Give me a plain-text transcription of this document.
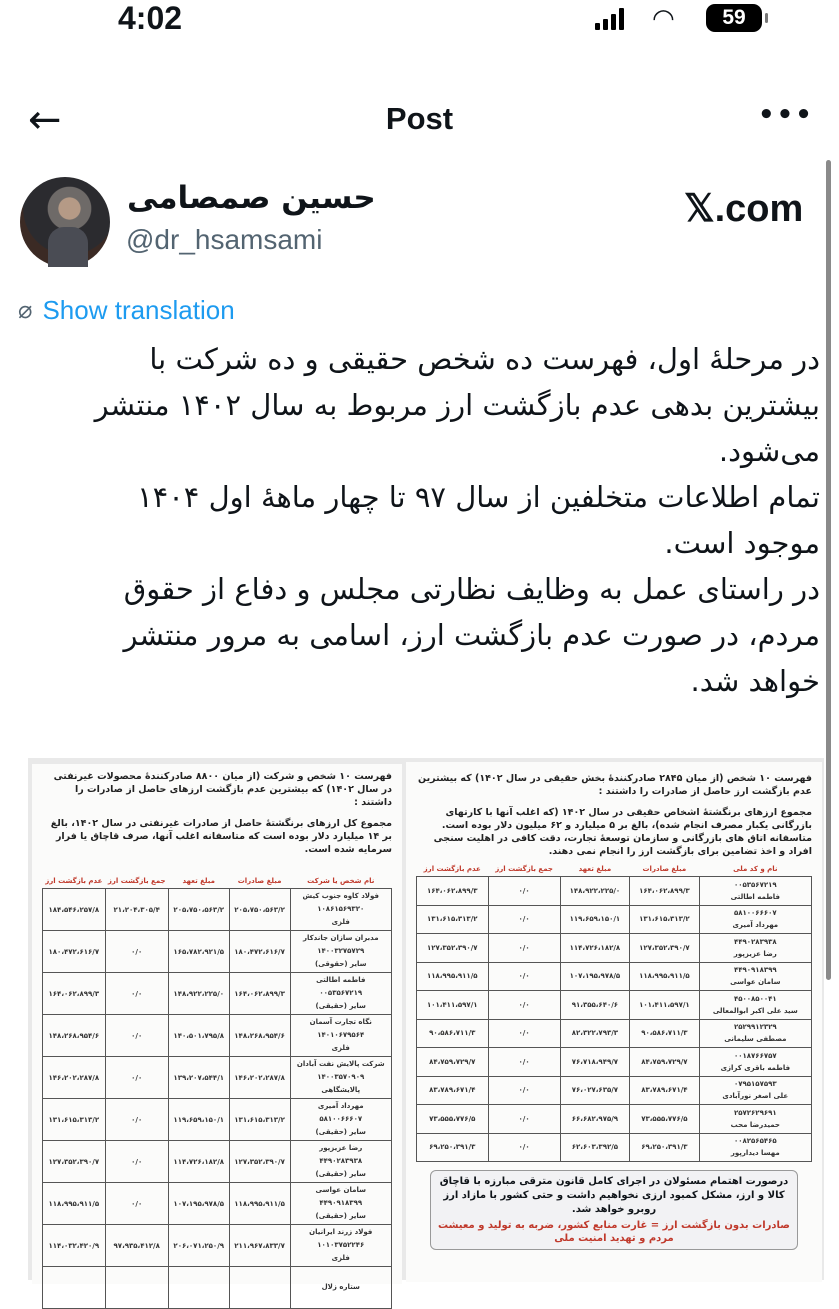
4:02	◠	59
←	Post	•••
حسین صمصامی
@dr_hsamsami
𝕏.com
⌀ Show translation
در مرحلهٔ اول، فهرست ده شخص حقیقی و ده شرکت با
بیشترین بدهی عدم بازگشت ارز مربوط به سال ۱۴۰۲ منتشر
می‌شود.
تمام اطلاعات متخلفین از سال ۹۷ تا چهار ماههٔ اول ۱۴۰۴
موجود است.
در راستای عمل به وظایف نظارتی مجلس و دفاع از حقوق
مردم، در صورت عدم بازگشت ارز، اسامی به مرور منتشر
خواهد شد.
فهرست ۱۰ شخص و شرکت (از میان ۸۸۰۰ صادرکنندهٔ محصولات غیرنفتی در سال ۱۴۰۲) که بیشترین عدم بازگشت ارزهای حاصل از صادرات را داشتند :
مجموع کل ارزهای برنگشتهٔ حاصل از صادرات غیرنفتی در سال ۱۴۰۲، بالغ بر ۱۴ میلیارد دلار بوده است که متاسفانه اغلب آنها، صرف قاچاق یا فرار سرمایه شده است.
نام شخص یا شرکت	مبلغ صادرات	مبلغ تعهد	جمع بازگشت ارز	عدم بازگشت ارز

فولاد کاوه جنوب کیش
۱۰۸۶۱۵۶۹۳۲۰
فلزی	۲۰۵،۷۵۰،۵۶۳/۲	۲۰۵،۷۵۰،۵۶۳/۲	۲۱،۲۰۴،۳۰۵/۴	۱۸۴،۵۴۶،۲۵۷/۸

مدبران سازان جاندکار
۱۴۰۰۳۲۷۵۷۲۹
سایر (حقوقی)	۱۸۰،۴۷۲،۶۱۶/۷	۱۶۵،۷۸۲،۹۲۱/۵	۰/۰	۱۸۰،۴۷۲،۶۱۶/۷

فاطمه اطالتی
۰۰۵۳۵۶۷۲۱۹
سایر (حقیقی)	۱۶۴،۰۶۲،۸۹۹/۳	۱۴۸،۹۲۲،۲۲۵/۰	۰/۰	۱۶۴،۰۶۲،۸۹۹/۳

نگاه تجارت آسمان
۱۴۰۱۰۶۷۹۵۶۴
فلزی	۱۴۸،۲۶۸،۹۵۴/۶	۱۴۰،۵۰۱،۷۹۵/۸	۰/۰	۱۴۸،۲۶۸،۹۵۴/۶

شرکت پالایش نفت آبادان
۱۴۰۰۳۵۷۰۹۰۹
پالایشگاهی	۱۴۶،۲۰۲،۲۸۷/۸	۱۳۹،۲۰۷،۵۴۴/۱	۰/۰	۱۴۶،۲۰۲،۲۸۷/۸

مهرداد آمیری
۵۸۱۰۰۶۶۶۰۷
سایر (حقیقی)	۱۳۱،۶۱۵،۳۱۳/۲	۱۱۹،۶۵۹،۱۵۰/۱	۰/۰	۱۳۱،۶۱۵،۳۱۳/۲

رضا عزیزپور
۴۴۹۰۲۸۳۹۳۸
سایر (حقیقی)	۱۲۷،۳۵۲،۳۹۰/۷	۱۱۴،۷۲۶،۱۸۲/۸	۰/۰	۱۲۷،۳۵۲،۳۹۰/۷

سامان عواسی
۴۴۹۰۹۱۸۳۹۹
سایر (حقیقی)	۱۱۸،۹۹۵،۹۱۱/۵	۱۰۷،۱۹۵،۹۷۸/۵	۰/۰	۱۱۸،۹۹۵،۹۱۱/۵

فولاد زرند ایرانیان
۱۰۱۰۳۷۵۲۲۴۶
فلزی	۲۱۱،۹۶۷،۸۳۳/۷	۲۰۶،۰۷۱،۲۵۰/۹	۹۷،۹۳۵،۴۱۲/۸	۱۱۴،۰۳۲،۴۲۰/۹

ستاره زلال				

فهرست ۱۰ شخص (از میان ۲۸۴۵ صادرکنندهٔ بخش حقیقی در سال ۱۴۰۲) که بیشترین عدم بازگشت ارز حاصل از صادرات را داشتند :
مجموع ارزهای برنگشتهٔ اشخاص حقیقی در سال ۱۴۰۲ (که اغلب آنها با کارتهای بازرگانی یکبار مصرف انجام شده)، بالغ بر ۵ میلیارد و ۶۲ میلیون دلار بوده است. متاسفانه اتاق های بازرگانی و سازمان توسعهٔ تجارت، دقت کافی در اهلیت سنجی افراد و اخذ تضامین برای بازگشت ارز را انجام نمی دهند.
نام و کد ملی	مبلغ صادرات	مبلغ تعهد	جمع بازگشت ارز	عدم بازگشت ارز

۰۰۵۳۵۶۷۲۱۹
فاطمه اطالتی	۱۶۴،۰۶۲،۸۹۹/۳	۱۴۸،۹۲۲،۲۲۵/۰	۰/۰	۱۶۴،۰۶۲،۸۹۹/۳

۵۸۱۰۰۶۶۶۰۷
مهرداد آمیری	۱۳۱،۶۱۵،۳۱۳/۲	۱۱۹،۶۵۹،۱۵۰/۱	۰/۰	۱۳۱،۶۱۵،۳۱۳/۲

۴۴۹۰۲۸۳۹۳۸
رضا عزیزپور	۱۲۷،۳۵۲،۳۹۰/۷	۱۱۴،۷۲۶،۱۸۲/۸	۰/۰	۱۲۷،۳۵۲،۳۹۰/۷

۴۴۹۰۹۱۸۳۹۹
سامان عواسی	۱۱۸،۹۹۵،۹۱۱/۵	۱۰۷،۱۹۵،۹۷۸/۵	۰/۰	۱۱۸،۹۹۵،۹۱۱/۵

۴۵۰۰۸۵۰۰۴۱
سید علی اکبر ابوالمعالی	۱۰۱،۴۱۱،۵۹۷/۱	۹۱،۳۵۵،۶۴۰/۶	۰/۰	۱۰۱،۴۱۱،۵۹۷/۱

۲۵۲۹۹۱۲۳۲۹
مصطفی سلیمانی	۹۰،۵۸۶،۷۱۱/۳	۸۲،۳۲۲،۷۹۳/۳	۰/۰	۹۰،۵۸۶،۷۱۱/۳

۰۰۱۸۷۶۶۷۵۷
فاطمه باقری کرازی	۸۴،۷۵۹،۷۲۹/۷	۷۶،۷۱۸،۹۴۹/۷	۰/۰	۸۴،۷۵۹،۷۲۹/۷

۰۷۹۵۱۵۷۵۹۳
علی اصغر نورآبادی	۸۳،۷۸۹،۶۷۱/۴	۷۶،۰۲۷،۶۳۵/۷	۰/۰	۸۳،۷۸۹،۶۷۱/۴

۲۵۷۲۶۲۹۶۹۱
حمیدرضا محب	۷۳،۵۵۵،۷۷۶/۵	۶۶،۶۸۲،۹۷۵/۹	۰/۰	۷۳،۵۵۵،۷۷۶/۵

۰۰۸۲۵۶۵۴۶۵
مهسا دیدارپور	۶۹،۲۵۰،۳۹۱/۳	۶۲،۶۰۳،۳۹۲/۵	۰/۰	۶۹،۲۵۰،۳۹۱/۳
درصورت اهتمام مسئولان در اجرای کامل قانون مترقی مبارزه با قاچاق کالا و ارز، مشکل کمبود ارزی نخواهیم داشت و حتی کشور با مازاد ارز روبرو خواهد شد.
صادرات بدون بازگشت ارز = غارت منابع کشور، ضربه به تولید و معیشت مردم و تهدید امنیت ملی
